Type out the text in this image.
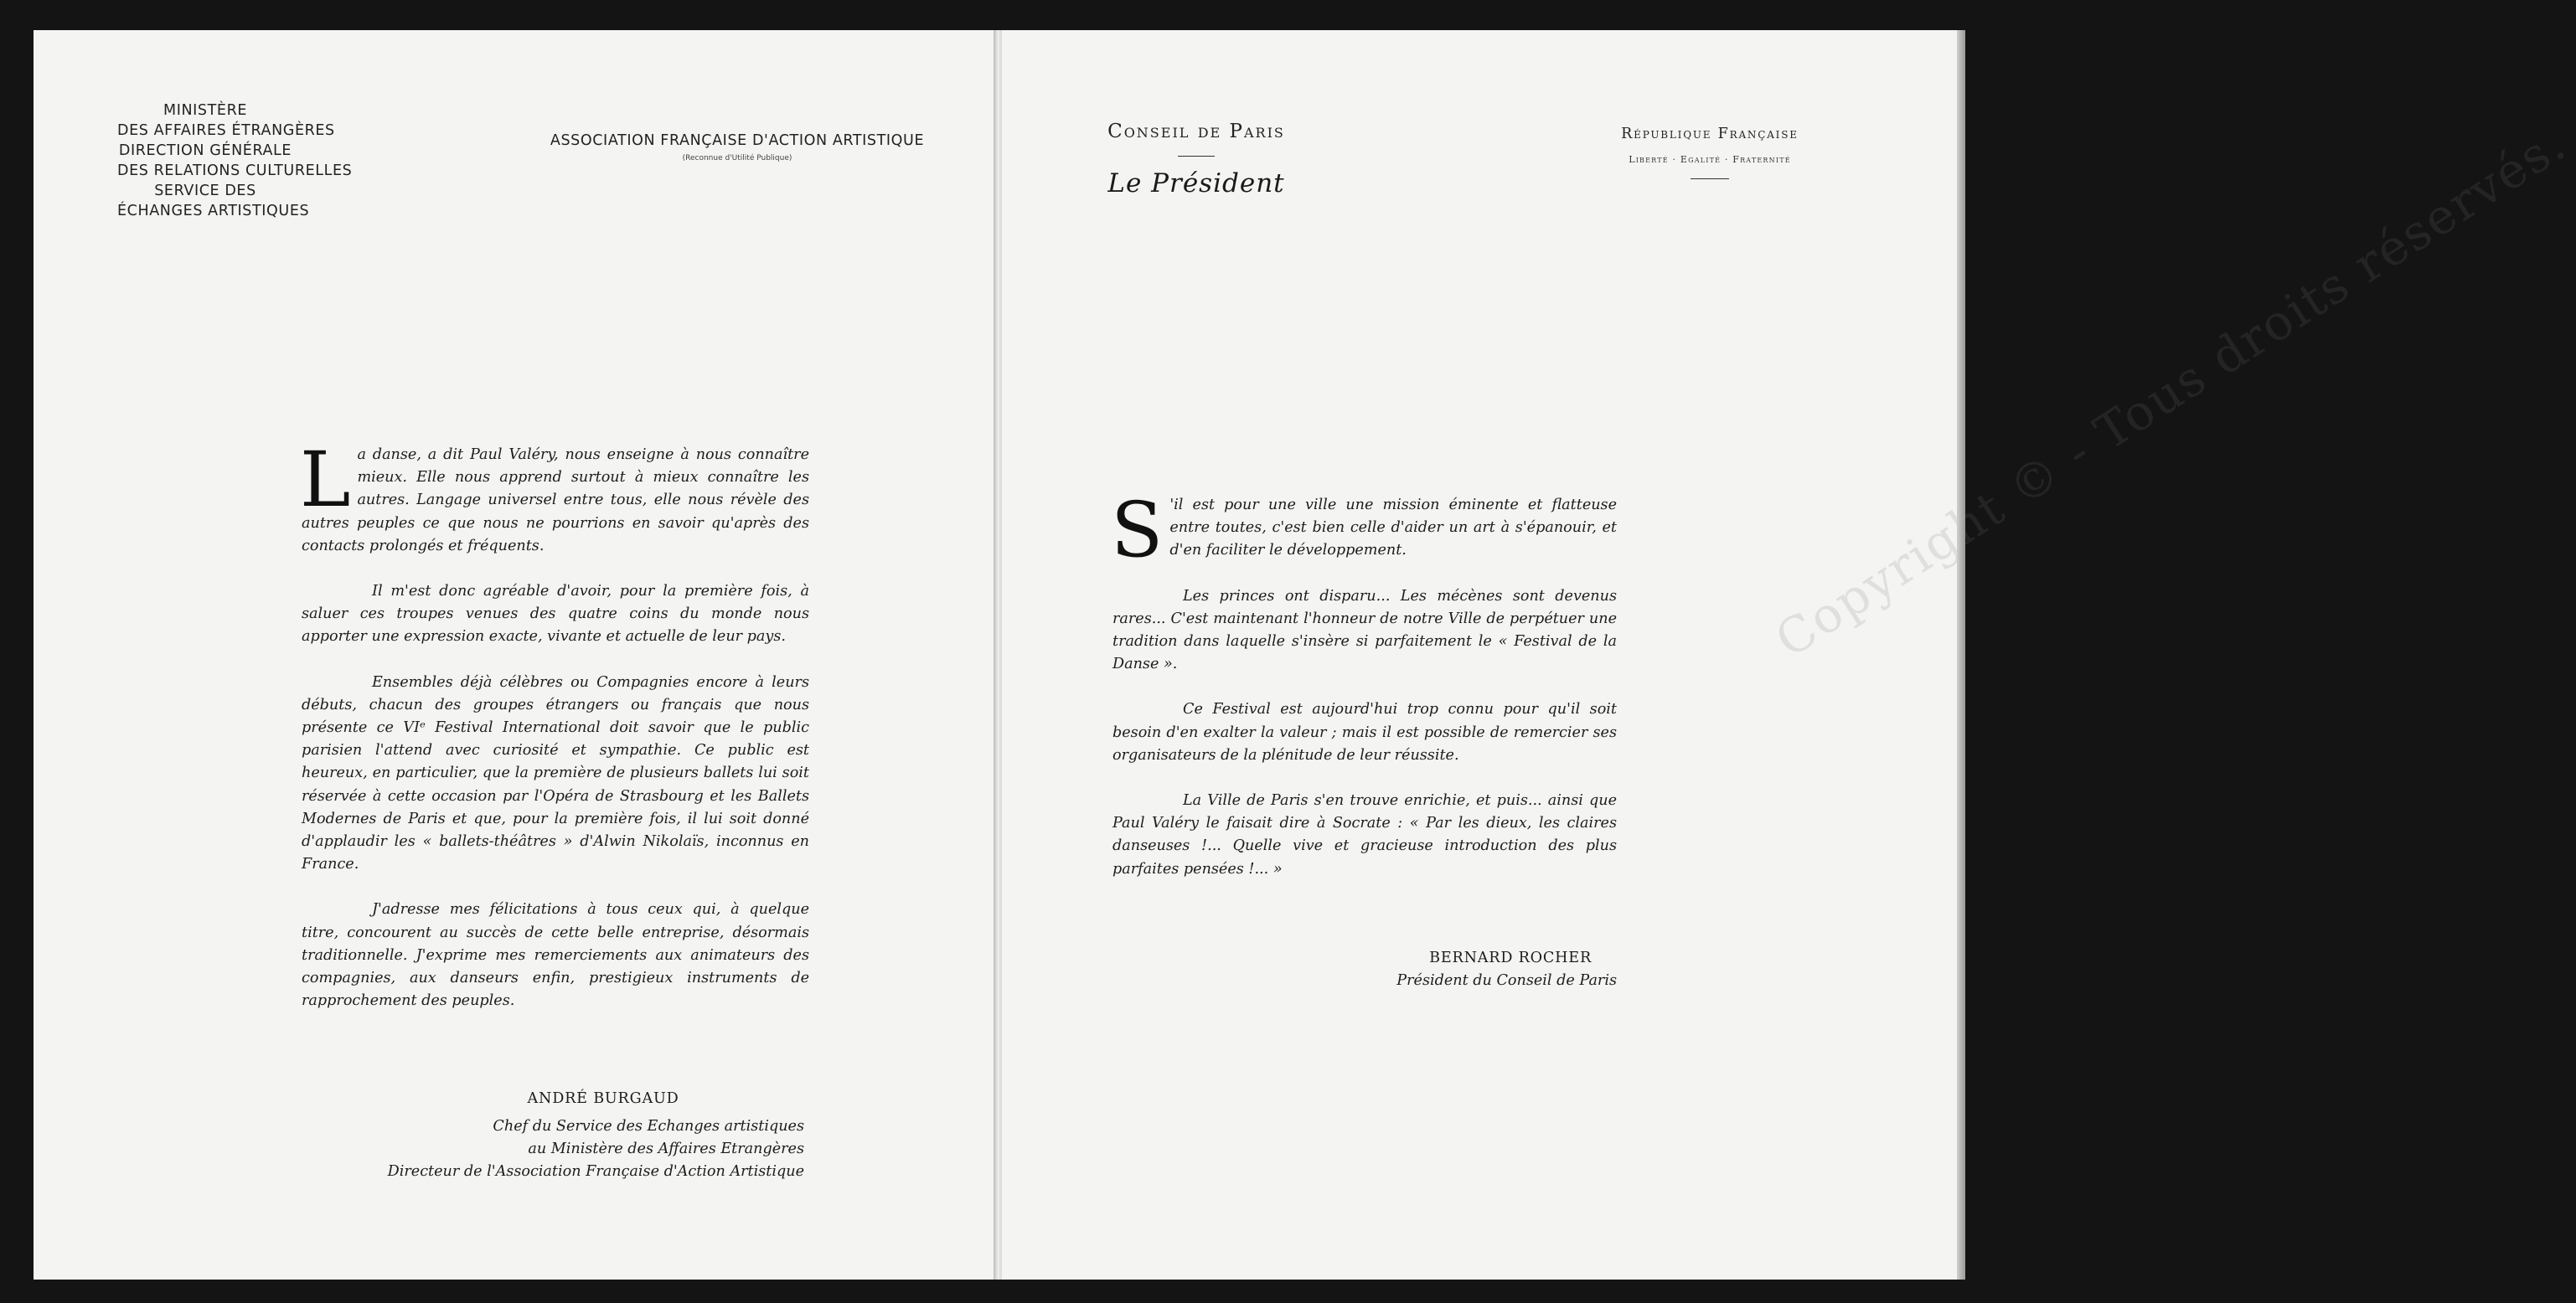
MINISTÈRE
DES AFFAIRES ÉTRANGÈRES
DIRECTION GÉNÉRALE
DES RELATIONS CULTURELLES
SERVICE DES
ÉCHANGES ARTISTIQUES
ASSOCIATION FRANÇAISE D'ACTION ARTISTIQUE
(Reconnue d'Utilité Publique)

La danse, a dit Paul Valéry, nous enseigne à nous connaître mieux. Elle nous apprend surtout à mieux connaître les autres. Langage universel entre tous, elle nous révèle des autres peuples ce que nous ne pourrions en savoir qu'après des contacts prolongés et fréquents.

Il m'est donc agréable d'avoir, pour la première fois, à saluer ces troupes venues des quatre coins du monde nous apporter une expression exacte, vivante et actuelle de leur pays.

Ensembles déjà célèbres ou Compagnies encore à leurs débuts, chacun des groupes étrangers ou français que nous présente ce VIᵉ Festival International doit savoir que le public parisien l'attend avec curiosité et sympathie. Ce public est heureux, en particulier, que la première de plusieurs ballets lui soit réservée à cette occasion par l'Opéra de Strasbourg et les Ballets Modernes de Paris et que, pour la première fois, il lui soit donné d'applaudir les « ballets-théâtres » d'Alwin Nikolaïs, inconnus en France.

J'adresse mes félicitations à tous ceux qui, à quelque titre, concourent au succès de cette belle entreprise, désormais traditionnelle. J'exprime mes remerciements aux animateurs des compagnies, aux danseurs enfin, prestigieux instruments de rapprochement des peuples.

ANDRÉ BURGAUD
Chef du Service des Echanges artistiques
au Ministère des Affaires Etrangères
Directeur de l'Association Française d'Action Artistique
Conseil de Paris
Le Président
République Française
Liberté · Egalité · Fraternité
Copyright © - Tous droits réservés.

S 'il est pour une ville une mission éminente et flatteuse entre toutes, c'est bien celle d'aider un art à s'épanouir, et d'en faciliter le développement.

Les princes ont disparu... Les mécènes sont devenus rares... C'est maintenant l'honneur de notre Ville de perpétuer une tradition dans laquelle s'insère si parfaitement le « Festival de la Danse ».

Ce Festival est aujourd'hui trop connu pour qu'il soit besoin d'en exalter la valeur ; mais il est possible de remercier ses organisateurs de la plénitude de leur réussite.

La Ville de Paris s'en trouve enrichie, et puis... ainsi que Paul Valéry le faisait dire à Socrate : « Par les dieux, les claires danseuses !... Quelle vive et gracieuse introduction des plus parfaites pensées !... »

BERNARD ROCHER
Président du Conseil de Paris
